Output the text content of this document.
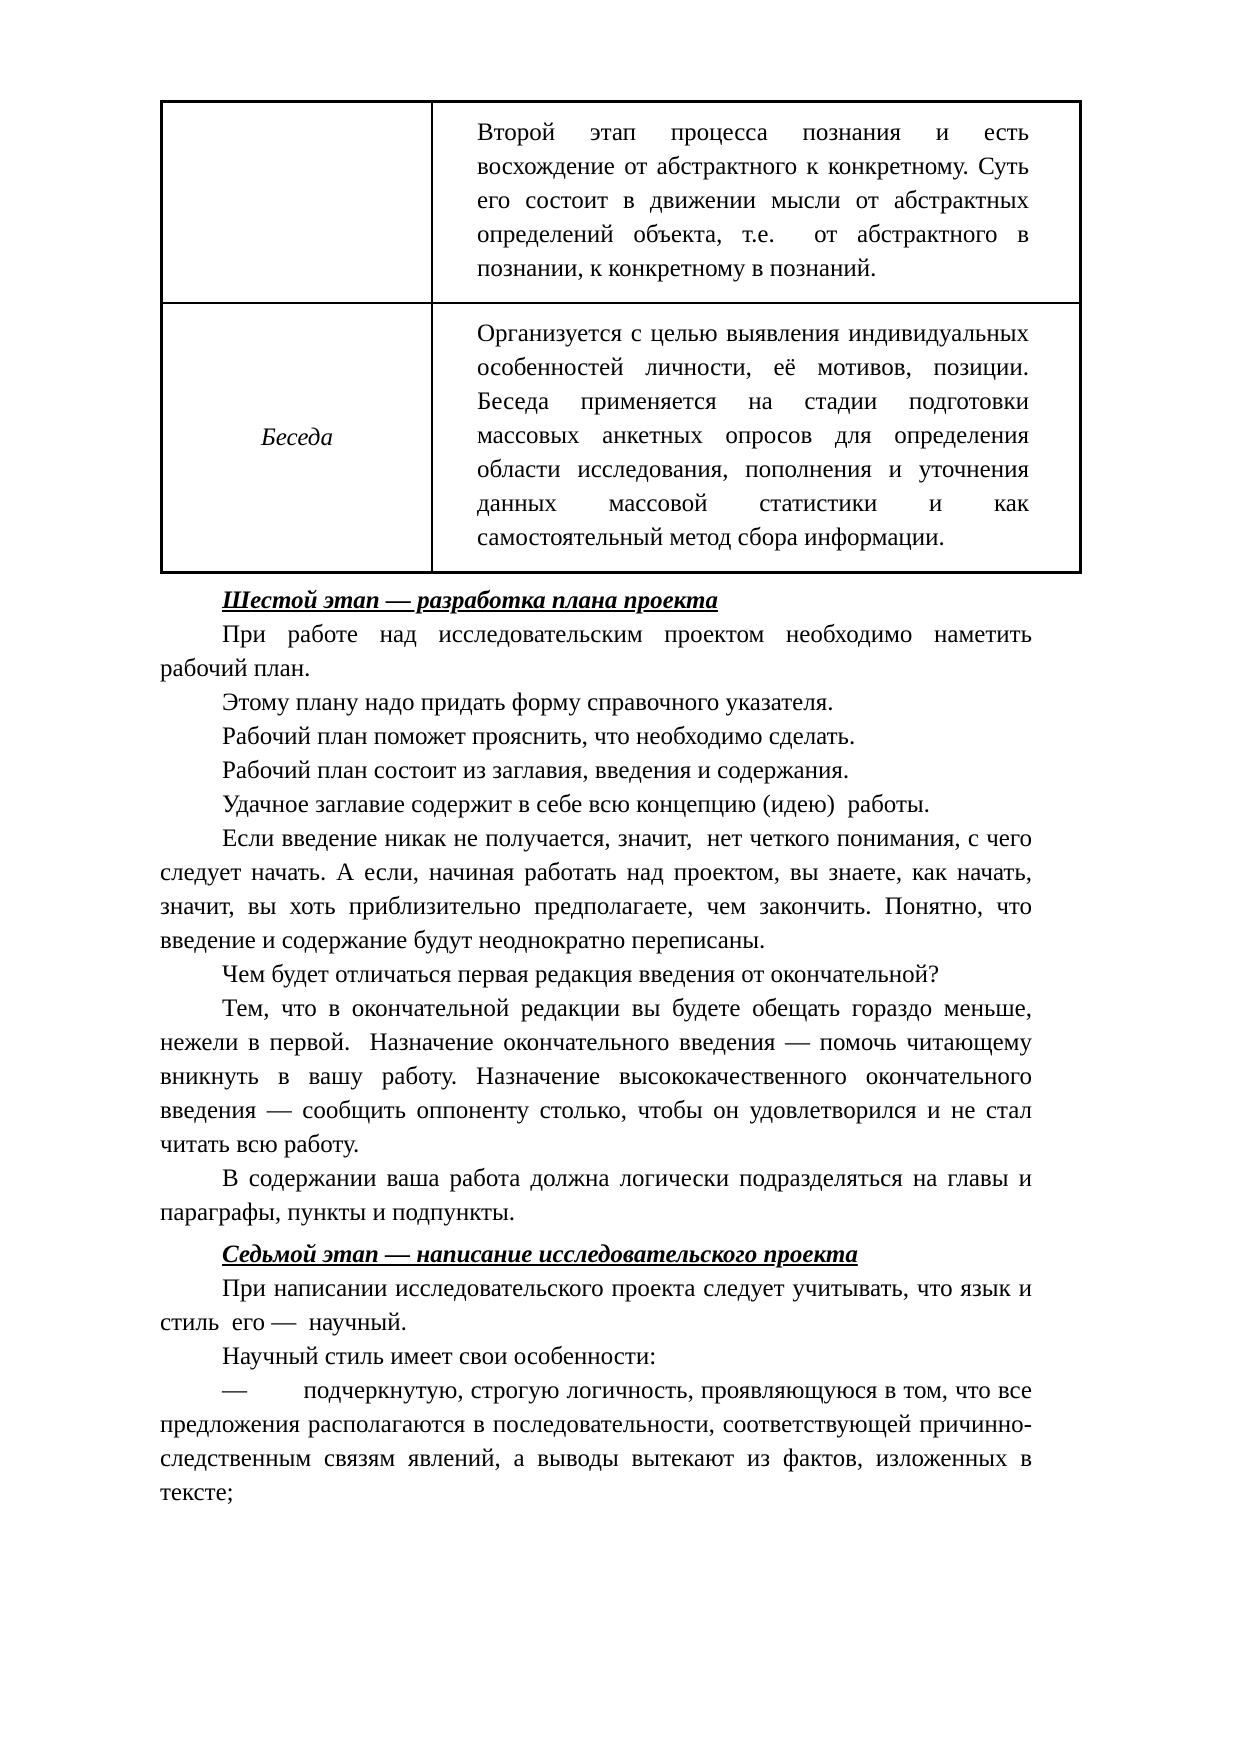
	Второй этап процесса познания и есть восхождение от абстрактного к конкретному. Суть его состоит в движении мысли от абстрактных определений объекта, т.е.  от абстрактного в познании, к конкретному в познаний.
Беседа	Организуется с целью выявления индивидуальных особенностей личности, её мотивов, позиции. Беседа применяется на стадии подготовки массовых анкетных опросов для определения области исследования, пополнения и уточнения данных массовой статистики и как самостоятельный метод сбора информации.
Шестой этап — разработка плана проекта

При работе над исследовательским проектом необходимо наметить рабочий план.

Этому плану надо придать форму справочного указателя.

Рабочий план поможет прояснить, что необходимо сделать.

Рабочий план состоит из заглавия, введения и содержания.

Удачное заглавие содержит в себе всю концепцию (идею)  работы.

Если введение никак не получается, значит,  нет четкого понимания, с чего следует начать. А если, начиная работать над проектом, вы знаете, как начать, значит, вы хоть приблизительно предполагаете, чем закончить. Понятно, что введение и содержание будут неоднократно переписаны.

Чем будет отличаться первая редакция введения от окончательной?

Тем, что в окончательной редакции вы будете обещать гораздо меньше, нежели в первой.  Назначение окончательного введения — помочь читающему вникнуть в вашу работу. Назначение высококачественного окончательного введения — сообщить оппоненту столько, чтобы он удовлетворился и не стал читать всю работу.

В содержании ваша работа должна логически подразделяться на главы и параграфы, пункты и подпункты.

Седьмой этап — написание исследовательского проекта

При написании исследовательского проекта следует учитывать, что язык и стиль  его —  научный.

Научный стиль имеет свои особенности:

—        подчеркнутую, строгую логичность, проявляющуюся в том, что все предложения располагаются в последовательности, соответствующей причинно-следственным связям явлений, а выводы вытекают из фактов, изложенных в тексте;
